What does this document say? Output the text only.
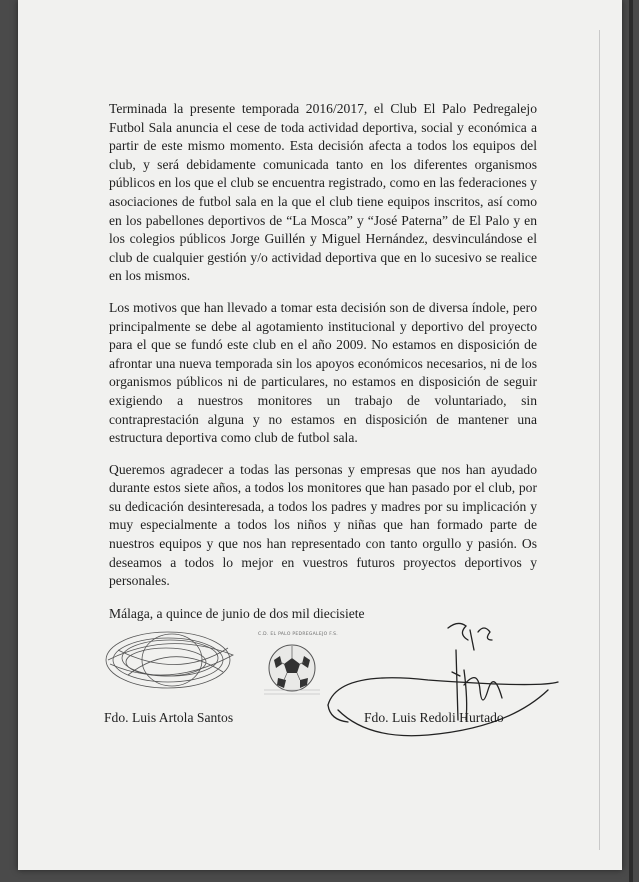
Terminada la presente temporada 2016/2017, el Club El Palo Pedregalejo Futbol Sala anuncia el cese de toda actividad deportiva, social y económica a partir de este mismo momento. Esta decisión afecta a todos los equipos del club, y será debidamente comunicada tanto en los diferentes organismos públicos en los que el club se encuentra registrado, como en las federaciones y asociaciones de futbol sala en la que el club tiene equipos inscritos, así como en los pabellones deportivos de “La Mosca” y “José Paterna” de El Palo y en los colegios públicos Jorge Guillén y Miguel Hernández, desvinculándose el club de cualquier gestión y/o actividad deportiva que en lo sucesivo se realice en los mismos.

Los motivos que han llevado a tomar esta decisión son de diversa índole, pero principalmente se debe al agotamiento institucional y deportivo del proyecto para el que se fundó este club en el año 2009. No estamos en disposición de afrontar una nueva temporada sin los apoyos económicos necesarios, ni de los organismos públicos ni de particulares, no estamos en disposición de seguir exigiendo a nuestros monitores un trabajo de voluntariado, sin contraprestación alguna y no estamos en disposición de mantener una estructura deportiva como club de futbol sala.

Queremos agradecer a todas las personas y empresas que nos han ayudado durante estos siete años, a todos los monitores que han pasado por el club, por su dedicación desinteresada, a todos los padres y madres por su implicación y muy especialmente a todos los niños y niñas que han formado parte de nuestros equipos y que nos han representado con tanto orgullo y pasión. Os deseamos a todos lo mejor en vuestros futuros proyectos deportivos y personales.

Málaga, a quince de junio de dos mil diecisiete

C.D. EL PALO PEDREGALEJO F.S.
Fdo. Luis Artola Santos	Fdo. Luis Redoli Hurtado
